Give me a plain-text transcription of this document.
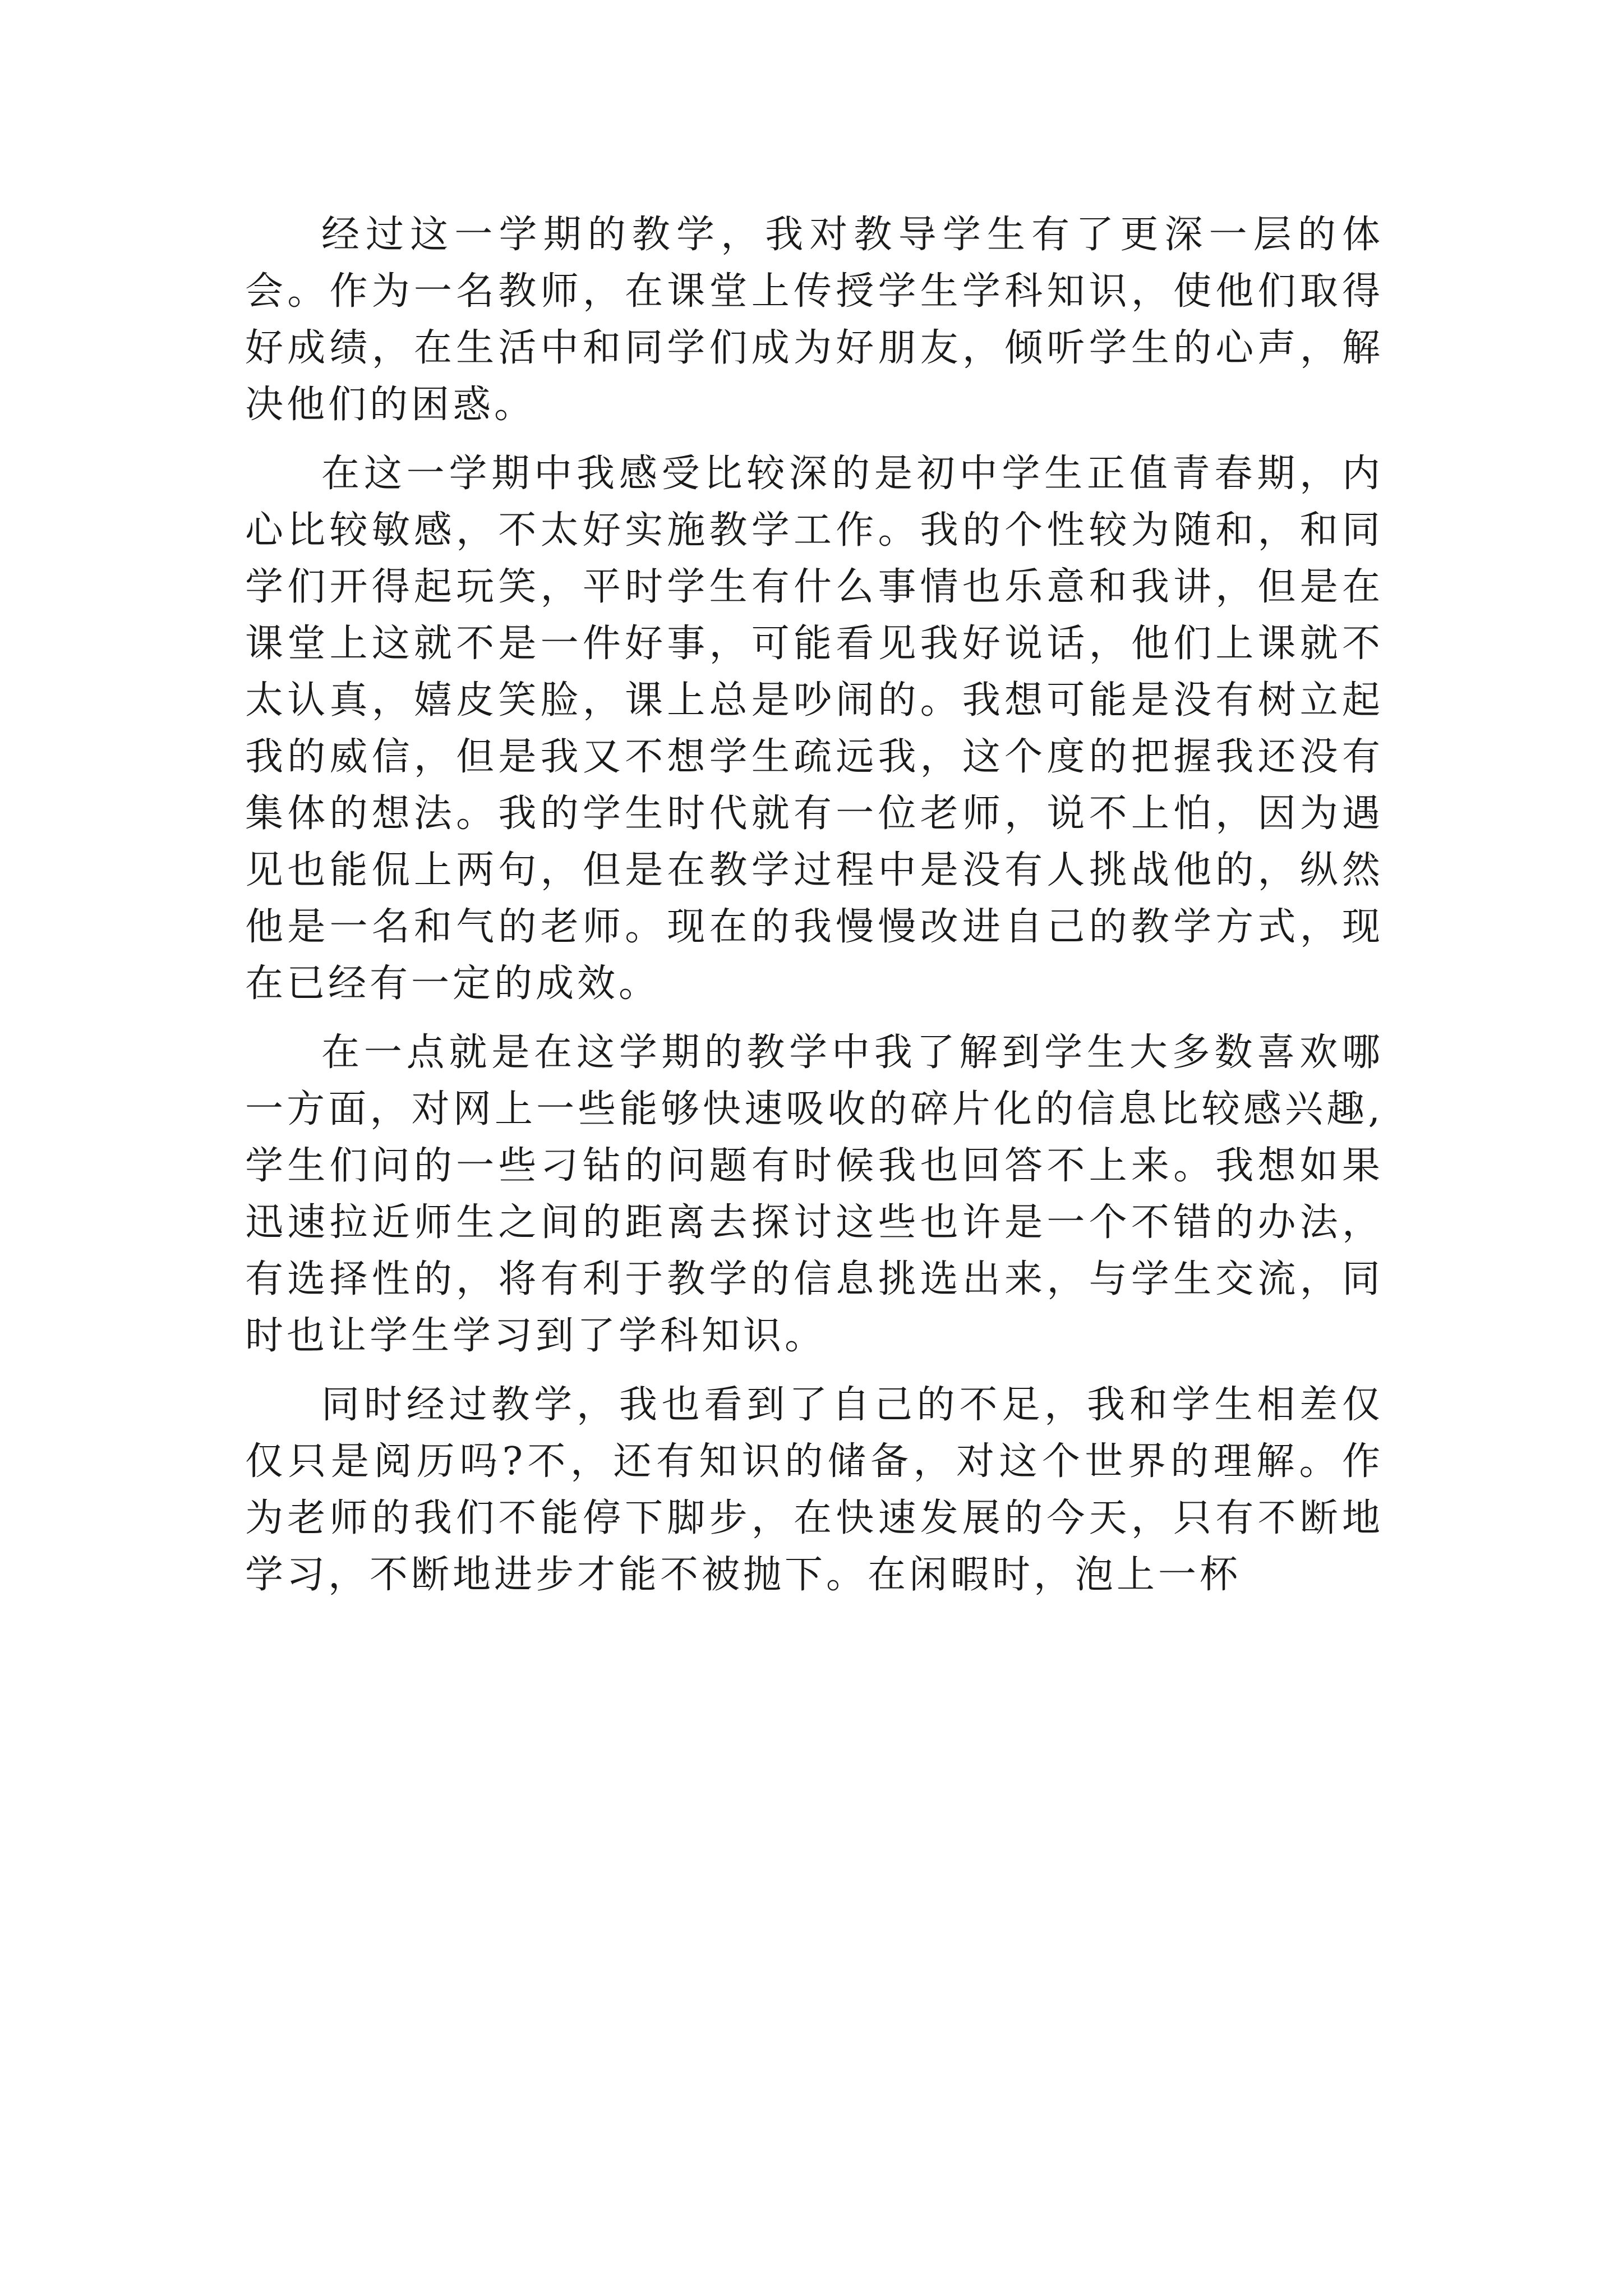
经过这一学期的教学，我对教导学生有了更深一层的体会。作为一名教师，在课堂上传授学生学科知识，使他们取得好成绩，在生活中和同学们成为好朋友，倾听学生的心声，解决他们的困惑。

在这一学期中我感受比较深的是初中学生正值青春期，内心比较敏感，不太好实施教学工作。我的个性较为随和，和同学们开得起玩笑，平时学生有什么事情也乐意和我讲，但是在课堂上这就不是一件好事，可能看见我好说话，他们上课就不太认真，嬉皮笑脸，课上总是吵闹的。我想可能是没有树立起我的威信，但是我又不想学生疏远我，这个度的把握我还没有集体的想法。我的学生时代就有一位老师，说不上怕，因为遇见也能侃上两句，但是在教学过程中是没有人挑战他的，纵然他是一名和气的老师。现在的我慢慢改进自己的教学方式，现在已经有一定的成效。

在一点就是在这学期的教学中我了解到学生大多数喜欢哪一方面，对网上一些能够快速吸收的碎片化的信息比较感兴趣,学生们问的一些刁钻的问题有时候我也回答不上来。我想如果迅速拉近师生之间的距离去探讨这些也许是一个不错的办法，有选择性的，将有利于教学的信息挑选出来，与学生交流，同时也让学生学习到了学科知识。

同时经过教学，我也看到了自己的不足，我和学生相差仅仅只是阅历吗?不，还有知识的储备，对这个世界的理解。作为老师的我们不能停下脚步，在快速发展的今天，只有不断地学习，不断地进步才能不被抛下。在闲暇时，泡上一杯
